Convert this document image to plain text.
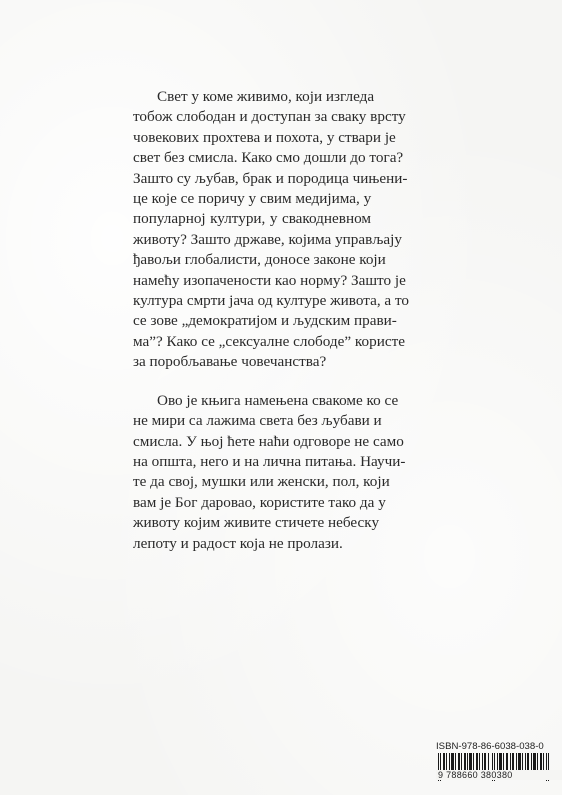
Свет у коме живимо, који изгледа
тобож слободан и доступан за сваку врсту
човекових прохтева и похота, у ствари је
свет без смисла. Како смо дошли до тога?
Зашто су љубав, брак и породица чињени-
це које се поричу у свим медијима, у
популарној култури, у свакодневном
животу? Зашто државе, којима управљају
ђавољи глобалисти, доносе законе који
намећу изопачености као норму? Зашто је
култура смрти јача од културе живота, а то
се зове „демократијом и људским прави-
ма”? Како се „сексуалне слободе” користе
за поробљавање човечанства?

Ово је књига намењена свакоме ко се
не мири са лажима света без љубави и
смисла. У њој ћете наћи одговоре не само
на општа, него и на лична питања. Научи-
те да свој, мушки или женски, пол, који
вам је Бог даровао, користите тако да у
животу којим живите стичете небеску
лепоту и радост која не пролази.

ISBN-978-86-6038-038-0
9 788660 380380
